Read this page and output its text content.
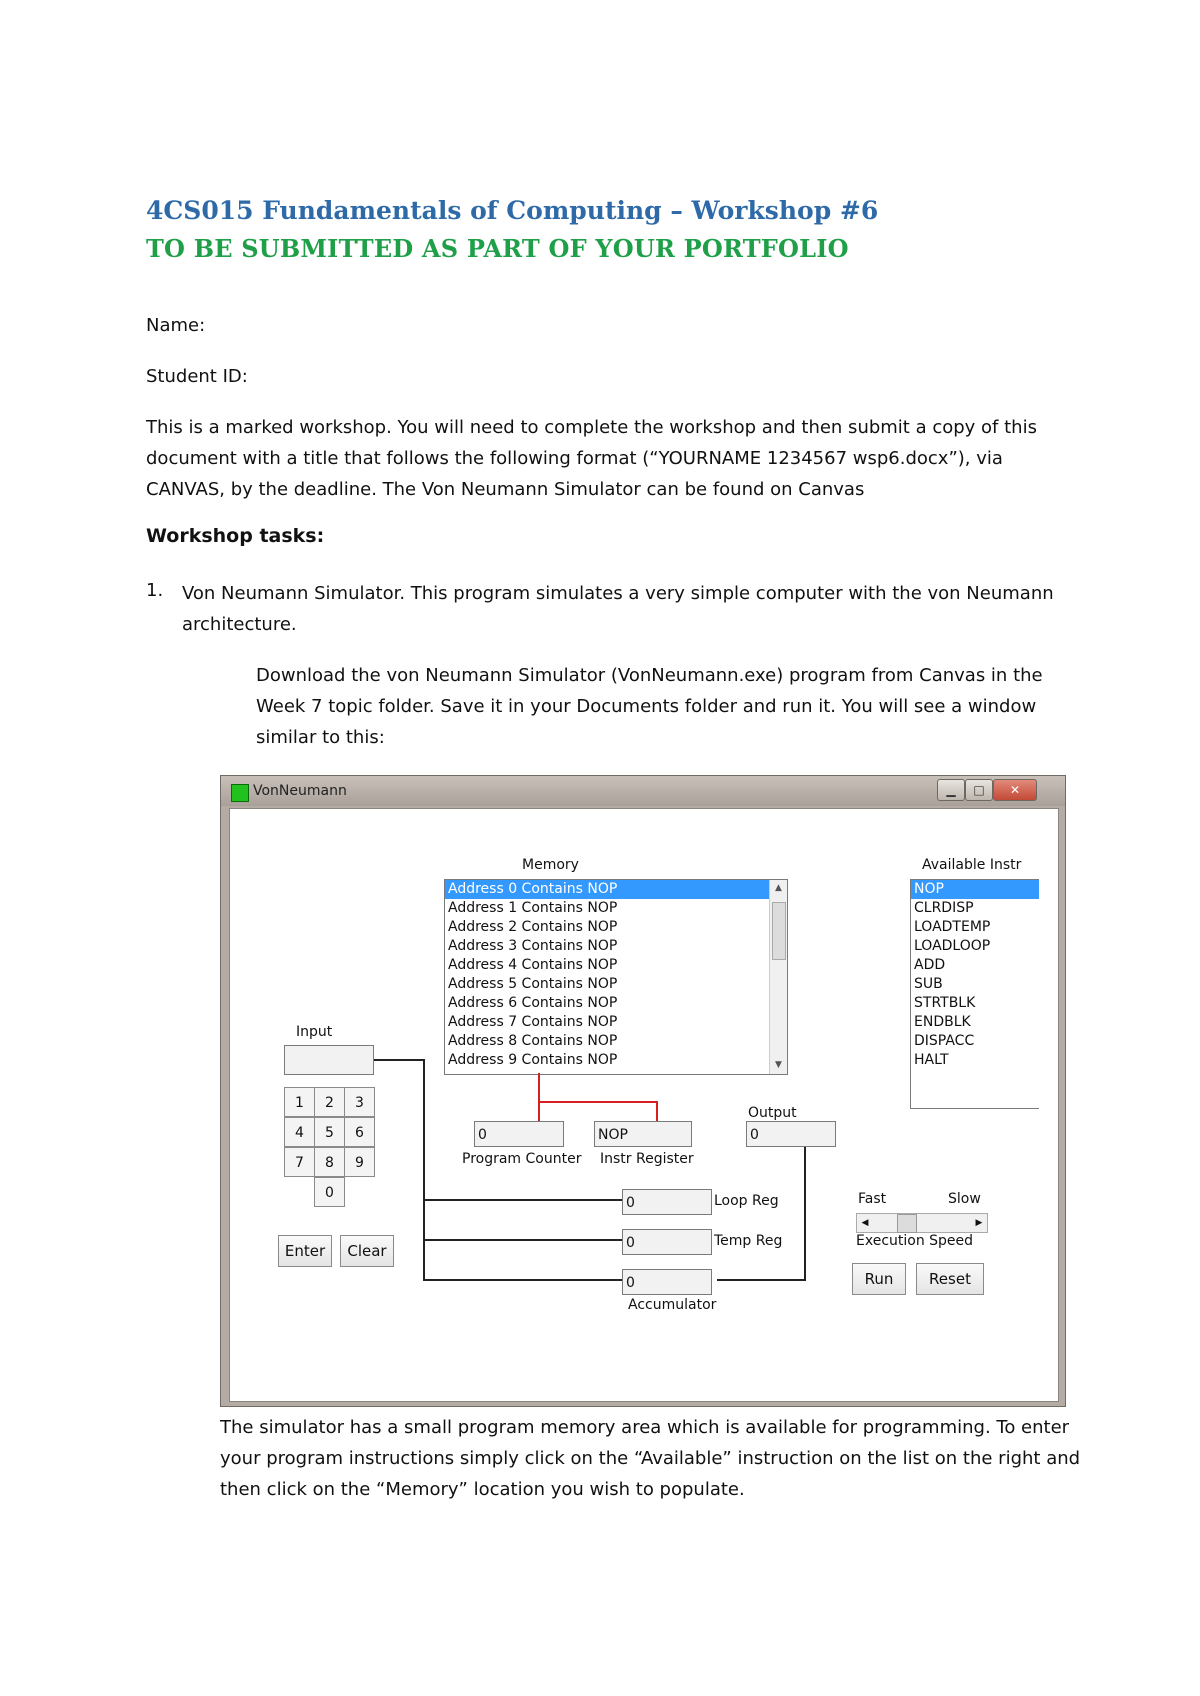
4CS015 Fundamentals of Computing – Workshop #6
TO BE SUBMITTED AS PART OF YOUR PORTFOLIO
Name:
Student ID:
This is a marked workshop. You will need to complete the workshop and then submit a copy of this document with a title that follows the following format (“YOURNAME 1234567 wsp6.docx”), via CANVAS, by the deadline. The Von Neumann Simulator can be found on Canvas
Workshop tasks:
1. Von Neumann Simulator. This program simulates a very simple computer with the von Neumann architecture.
Download the von Neumann Simulator (VonNeumann.exe) program from Canvas in the Week 7 topic folder. Save it in your Documents folder and run it. You will see a window similar to this:
VonNeumann	▁	□	✕
Memory
Address 0 Contains NOP
Address 1 Contains NOP
Address 2 Contains NOP
Address 3 Contains NOP
Address 4 Contains NOP
Address 5 Contains NOP
Address 6 Contains NOP
Address 7 Contains NOP
Address 8 Contains NOP
Address 9 Contains NOP
▲
▼
Available Instr
NOP
CLRDISP
LOADTEMP
LOADLOOP
ADD
SUB
STRTBLK
ENDBLK
DISPACC
HALT
Input
1	2	3
4	5	6
7	8	9
0
Enter	Clear
0
Program Counter
NOP
Instr Register
Output
0
0	Loop Reg
0	Temp Reg
0
Accumulator
Fast	Slow
◀	▶
Execution Speed
Run	Reset
The simulator has a small program memory area which is available for programming. To enter your program instructions simply click on the “Available” instruction on the list on the right and then click on the “Memory” location you wish to populate.
